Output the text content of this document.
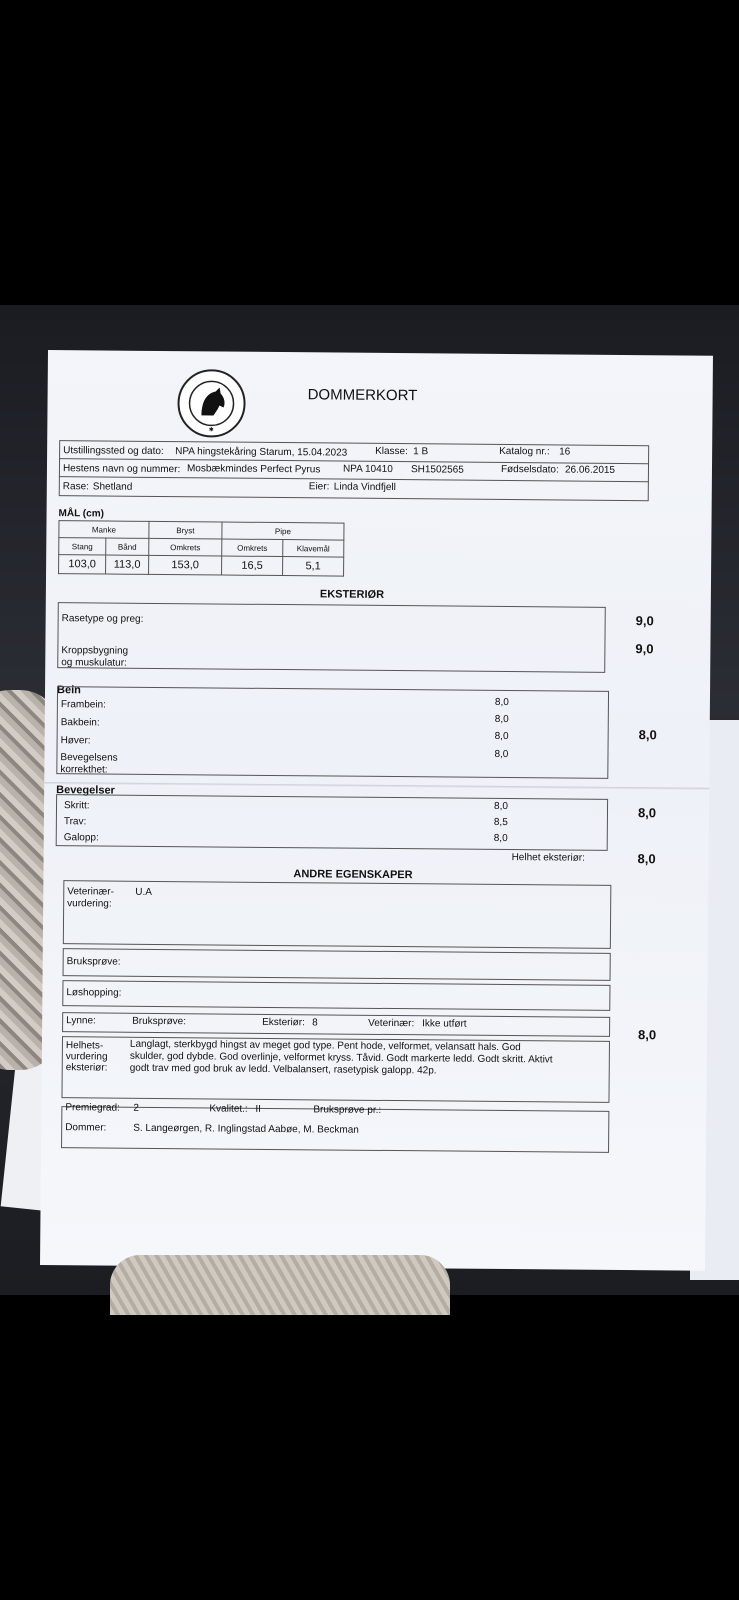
✱
DOMMERKORT
Utstillingssted og dato: NPA hingstekåring Starum, 15.04.2023	Klasse: 1 B	Katalog nr.: 16
Hestens navn og nummer: Mosbækmindes Perfect Pyrus NPA 10410 SH1502565	Fødselsdato: 26.06.2015
Rase: Shetland	Eier: Linda Vindfjell
MÅL (cm)
Manke		Bryst	Pipe	
Stang	Bånd	Omkrets	Omkrets	Klavemål
103,0	113,0	153,0	16,5	5,1
EKSTERIØR
Rasetype og preg:	9,0
Kroppsbygning
og muskulatur:
9,0
Bein
Frambein:	8,0
Bakbein:	8,0
Høver:	8,0
Bevegelsens
korrekthet:
8,0
8,0
Bevegelser
Skritt:	8,0
Trav:	8,5
Galopp:	8,0
8,0
Helhet eksteriør:	8,0
ANDRE EGENSKAPER
Veterinær-
vurdering:
U.A
Bruksprøve:
Løshopping:
Lynne:	Bruksprøve:	Eksteriør: 8	Veterinær: Ikke utført
8,0
Helhets-
vurdering
eksteriør:
Langlagt, sterkbygd hingst av meget god type. Pent hode, velformet, velansatt hals. God
skulder, god dybde. God overlinje, velformet kryss. Tåvid. Godt markerte ledd. Godt skritt. Aktivt
godt trav med god bruk av ledd. Velbalansert, rasetypisk galopp. 42p.
Premiegrad: 2	Kvalitet.: II	Bruksprøve pr.:
Dommer:	S. Langeørgen, R. Inglingstad Aabøe, M. Beckman
